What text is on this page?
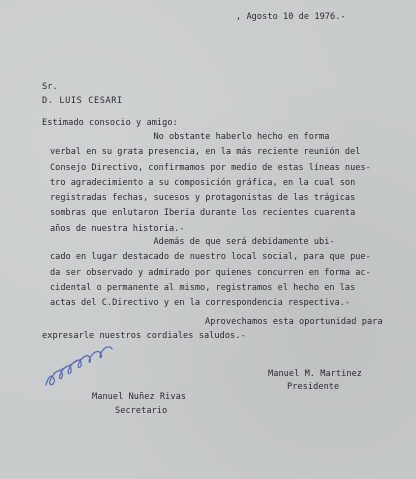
, Agosto 10 de 1976.-
Sr.
D. LUIS CESARI
Estimado consocio y amigo:
No obstante haberlo hecho en forma
verbal en su grata presencia, en la más reciente reunión del
Consejo Directivo, confirmamos por medio de estas líneas nues-
tro agradecimiento a su composición gráfica, en la cual son
registradas fechas, sucesos y protagonistas de las trágicas
sombras que enlutaron Iberia durante los recientes cuarenta
años de nuestra historia.-
Además de que será debidamente ubi-
cado en lugar destacado de nuestro local social, para que pue-
da ser observado y admirado por quienes concurren en forma ac-
cidental o permanente al mismo, registramos el hecho en las
actas del C.Directivo y en la correspondencia respectiva.-
Aprovechamos esta oportunidad para
expresarle nuestros cordiales saludos.-
Manuel M. Martinez
Presidente
Manuel Nuñez Rivas
Secretario
